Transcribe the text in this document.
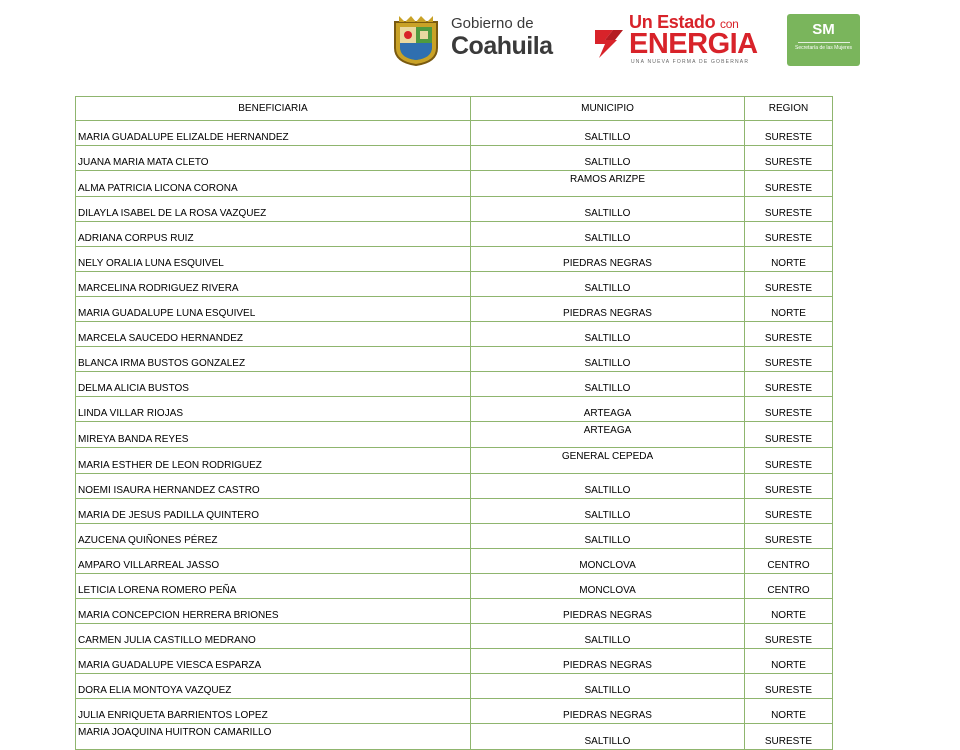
Gobierno de
Coahuila
Un Estado con
ENERGIA
UNA NUEVA FORMA DE GOBERNAR
SM
Secretaría de las Mujeres
BENEFICIARIA	MUNICIPIO	REGION
MARIA GUADALUPE ELIZALDE HERNANDEZ	SALTILLO	SURESTE
JUANA MARIA MATA CLETO	SALTILLO	SURESTE
ALMA PATRICIA LICONA CORONA	RAMOS ARIZPE	SURESTE
DILAYLA ISABEL DE LA ROSA VAZQUEZ	SALTILLO	SURESTE
ADRIANA CORPUS RUIZ	SALTILLO	SURESTE
NELY ORALIA LUNA ESQUIVEL	PIEDRAS NEGRAS	NORTE
MARCELINA RODRIGUEZ RIVERA	SALTILLO	SURESTE
MARIA GUADALUPE LUNA ESQUIVEL	PIEDRAS NEGRAS	NORTE
MARCELA SAUCEDO HERNANDEZ	SALTILLO	SURESTE
BLANCA IRMA BUSTOS GONZALEZ	SALTILLO	SURESTE
DELMA ALICIA BUSTOS	SALTILLO	SURESTE
LINDA VILLAR RIOJAS	ARTEAGA	SURESTE
MIREYA BANDA REYES	ARTEAGA	SURESTE
MARIA ESTHER DE LEON RODRIGUEZ	GENERAL CEPEDA	SURESTE
NOEMI ISAURA HERNANDEZ CASTRO	SALTILLO	SURESTE
MARIA DE JESUS PADILLA QUINTERO	SALTILLO	SURESTE
AZUCENA QUIÑONES PÉREZ	SALTILLO	SURESTE
AMPARO VILLARREAL JASSO	MONCLOVA	CENTRO
LETICIA LORENA ROMERO PEÑA	MONCLOVA	CENTRO
MARIA CONCEPCION HERRERA BRIONES	PIEDRAS NEGRAS	NORTE
CARMEN JULIA CASTILLO MEDRANO	SALTILLO	SURESTE
MARIA GUADALUPE VIESCA ESPARZA	PIEDRAS NEGRAS	NORTE
DORA ELIA MONTOYA VAZQUEZ	SALTILLO	SURESTE
JULIA ENRIQUETA BARRIENTOS LOPEZ	PIEDRAS NEGRAS	NORTE
MARIA JOAQUINA HUITRON CAMARILLO	SALTILLO	SURESTE
